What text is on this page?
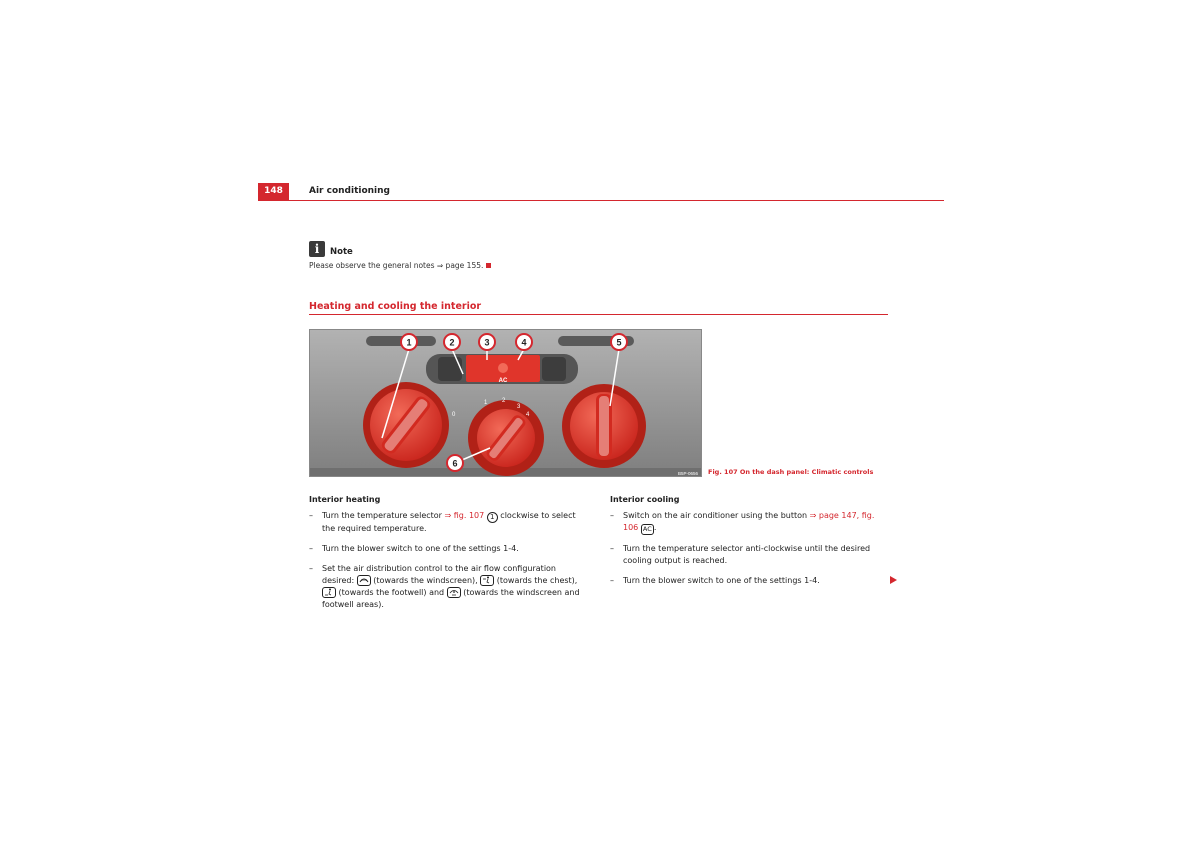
148	Air conditioning
i	Note
Please observe the general notes ⇒ page 155.
Heating and cooling the interior
AC
0
1 2
3
4
1	2	3	4	5
6
B5P-0656 Fig. 107 On the dash panel: Climatic controls
Interior heating
– Turn the temperature selector ⇒ fig. 107 1 clockwise to select the required temperature.
– Turn the blower switch to one of the settings 1-4.
– Set the air distribution control to the air flow configuration desired:  (towards the windscreen),  (towards the chest),  (towards the footwell) and  (towards the windscreen and footwell areas).
Interior cooling
– Switch on the air conditioner using the button ⇒ page 147, fig. 106 AC .
– Turn the temperature selector anti-clockwise until the desired cooling output is reached.
– Turn the blower switch to one of the settings 1-4.
